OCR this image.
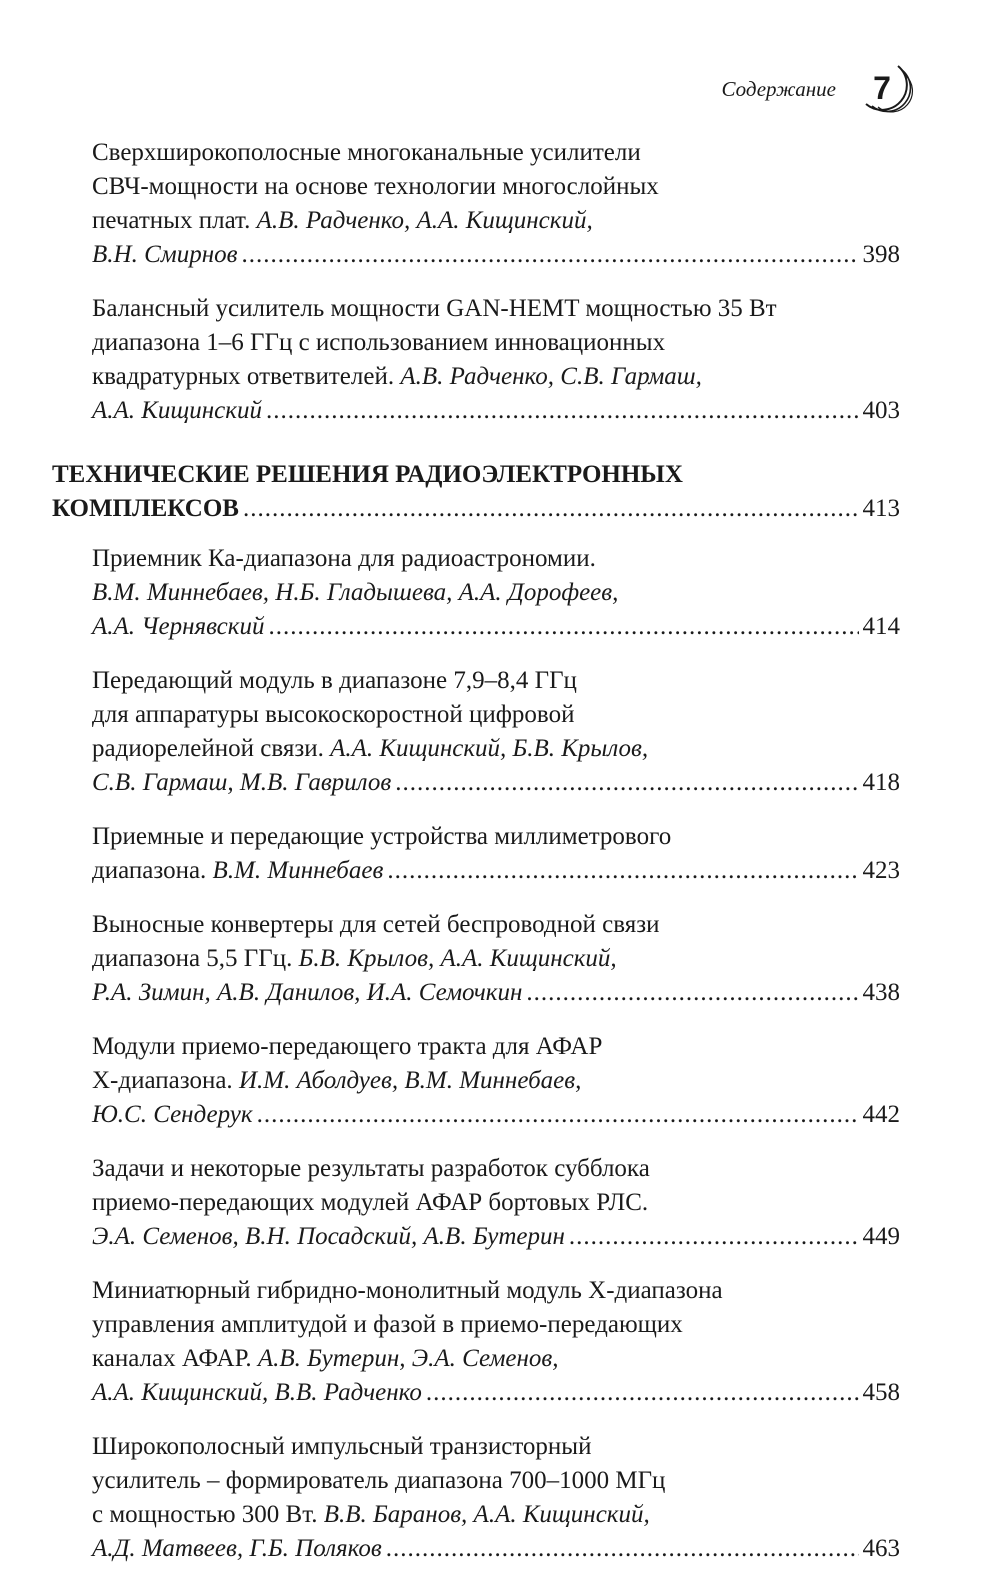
Содержание 7
Сверхширокополосные многоканальные усилители
СВЧ-мощности на основе технологии многослойных
печатных плат. А.В. Радченко, А.А. Кищинский,
В.Н. Смирнов .....	398
Балансный усилитель мощности GAN-HEMT мощностью 35 Вт
диапазона 1–6 ГГц с использованием инновационных
квадратурных ответвителей. А.В. Радченко, С.В. Гармаш,
А.А. Кищинский .....	403
ТЕХНИЧЕСКИЕ РЕШЕНИЯ РАДИОЭЛЕКТРОННЫХ
КОМПЛЕКСОВ .....	413
Приемник Ка-диапазона для радиоастрономии.
В.М. Миннебаев, Н.Б. Гладышева, А.А. Дорофеев,
А.А. Чернявский .....	414
Передающий модуль в диапазоне 7,9–8,4 ГГц
для аппаратуры высокоскоростной цифровой
радиорелейной связи. А.А. Кищинский, Б.В. Крылов,
С.В. Гармаш, М.В. Гаврилов .....	418
Приемные и передающие устройства миллиметрового
диапазона. В.М. Миннебаев .....	423
Выносные конвертеры для сетей беспроводной связи
диапазона 5,5 ГГц. Б.В. Крылов, А.А. Кищинский,
Р.А. Зимин, А.В. Данилов, И.А. Семочкин .....	438
Модули приемо-передающего тракта для АФАР
Х-диапазона. И.М. Аболдуев, В.М. Миннебаев,
Ю.С. Сендерук .....	442
Задачи и некоторые результаты разработок субблока
приемо-передающих модулей АФАР бортовых РЛС.
Э.А. Семенов, В.Н. Посадский, А.В. Бутерин .....	449
Миниатюрный гибридно-монолитный модуль Х-диапазона
управления амплитудой и фазой в приемо-передающих
каналах АФАР. А.В. Бутерин, Э.А. Семенов,
А.А. Кищинский, В.В. Радченко .....	458
Широкополосный импульсный транзисторный
усилитель – формирователь диапазона 700–1000 МГц
с мощностью 300 Вт. В.В. Баранов, А.А. Кищинский,
А.Д. Матвеев, Г.Б. Поляков .....	463
